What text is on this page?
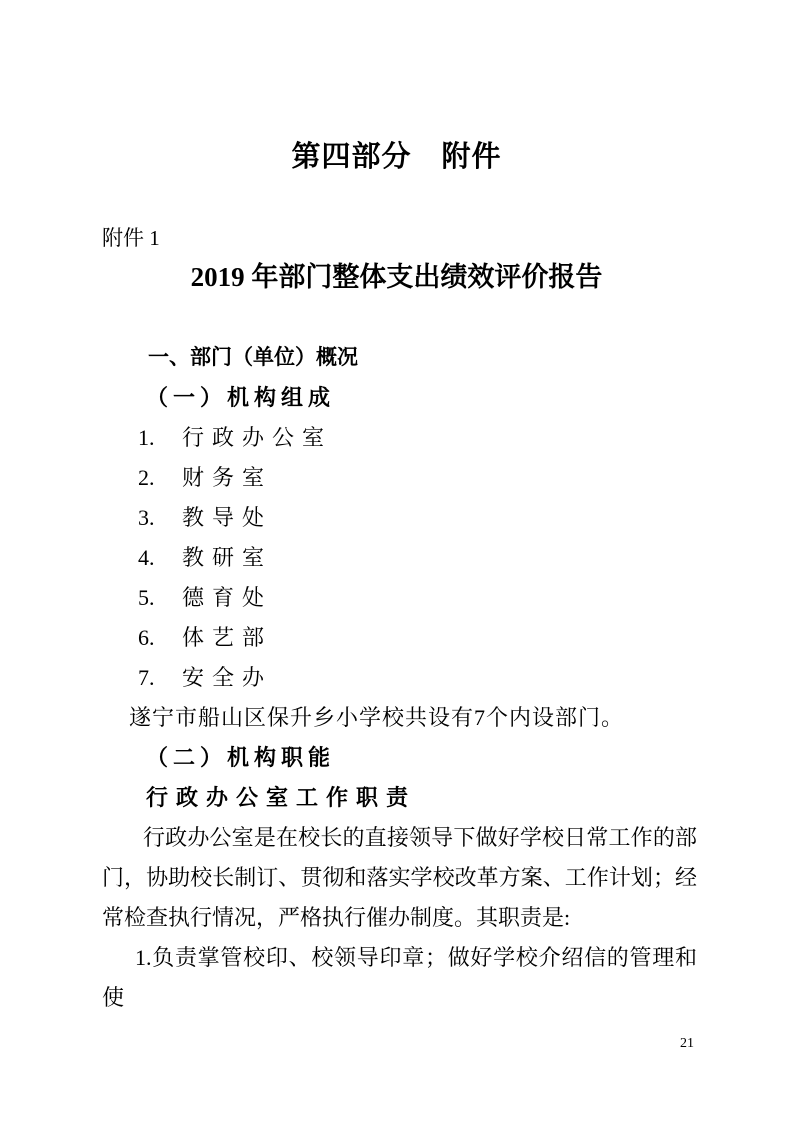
第四部分　附件
附件 1
2019 年部门整体支出绩效评价报告
一、部门（单位）概况
（一）机构组成
1. 行政办公室
2. 财务室
3. 教导处
4. 教研室
5. 德育处
6. 体艺部
7. 安全办
遂宁市船山区保升乡小学校共设有7个内设部门。
（二）机构职能
行政办公室工作职责

行政办公室是在校长的直接领导下做好学校日常工作的部门，协助校长制订、贯彻和落实学校改革方案、工作计划；经常检查执行情况，严格执行催办制度。其职责是:

1.负责掌管校印、校领导印章；做好学校介绍信的管理和使

21
